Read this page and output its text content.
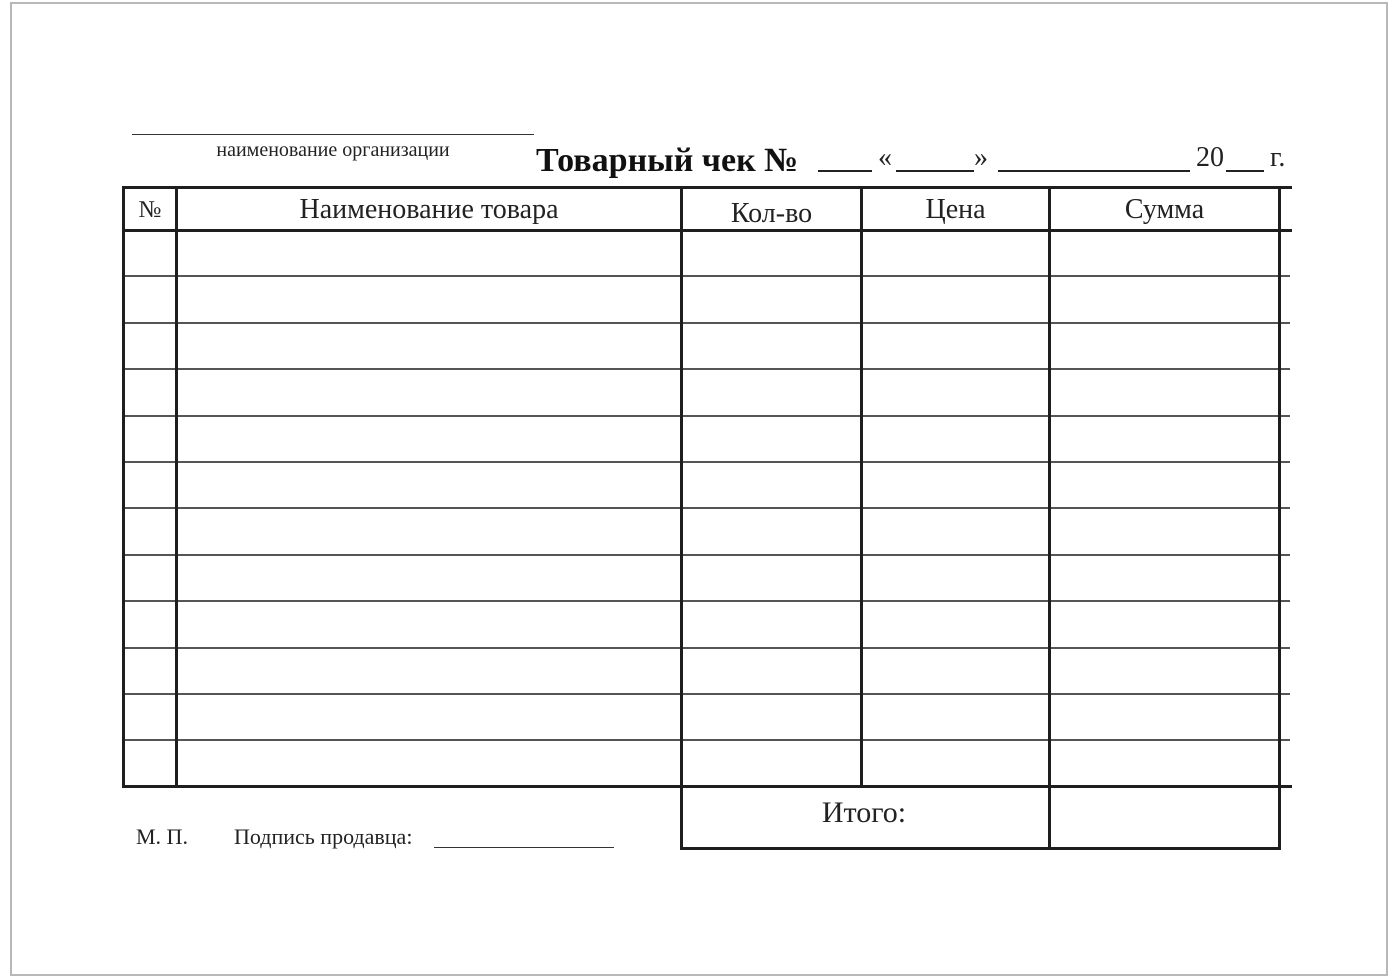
наименование организации	Товарный чек №	«	»	20 г.
№	Наименование товара	Кол-во	Цена	Сумма
Итого:
М. П. Подпись продавца:
